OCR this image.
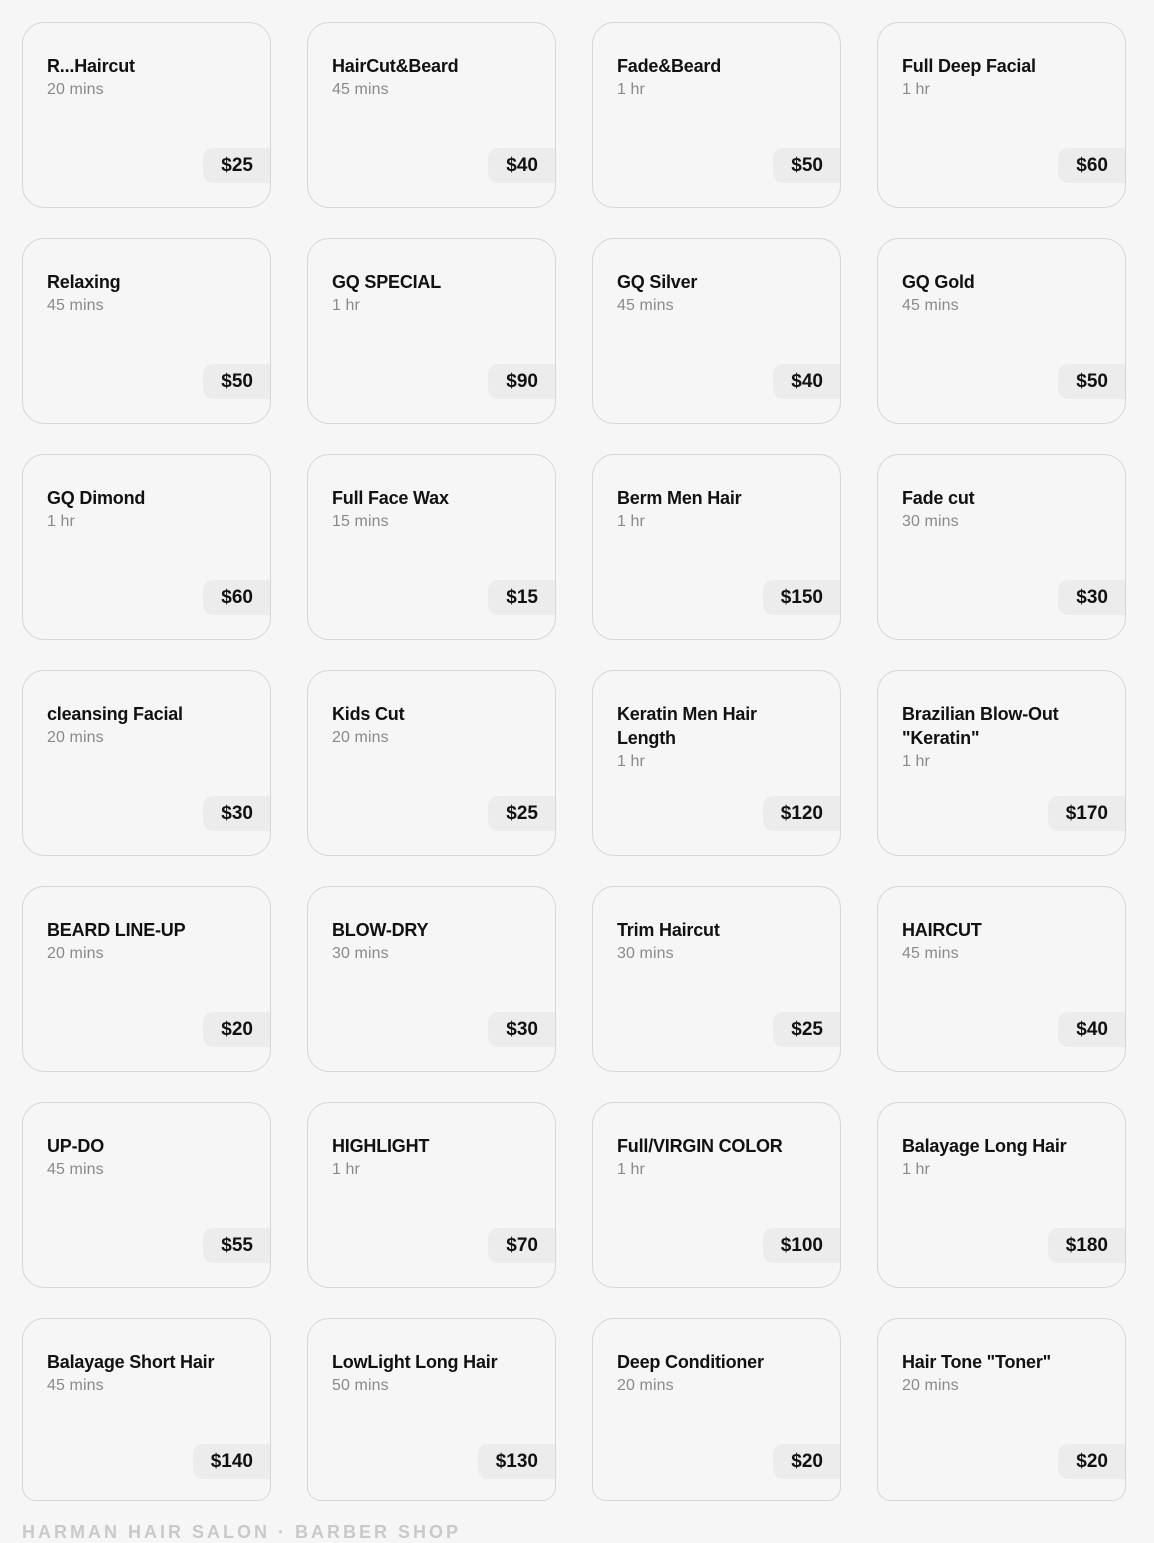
R...Haircut
20 mins
$25
HairCut&Beard
45 mins
$40
Fade&Beard
1 hr
$50
Full Deep Facial
1 hr
$60
Relaxing
45 mins
$50
GQ SPECIAL
1 hr
$90
GQ Silver
45 mins
$40
GQ Gold
45 mins
$50
GQ Dimond
1 hr
$60
Full Face Wax
15 mins
$15
Berm Men Hair
1 hr
$150
Fade cut
30 mins
$30
cleansing Facial
20 mins
$30
Kids Cut
20 mins
$25
Keratin Men Hair Length
1 hr
$120
Brazilian Blow-Out "Keratin"
1 hr
$170
BEARD LINE-UP
20 mins
$20
BLOW-DRY
30 mins
$30
Trim Haircut
30 mins
$25
HAIRCUT
45 mins
$40
UP-DO
45 mins
$55
HIGHLIGHT
1 hr
$70
Full/VIRGIN COLOR
1 hr
$100
Balayage Long Hair
1 hr
$180
Balayage Short Hair
45 mins
$140
LowLight Long Hair
50 mins
$130
Deep Conditioner
20 mins
$20
Hair Tone "Toner"
20 mins
$20
HARMAN HAIR SALON · BARBER SHOP
